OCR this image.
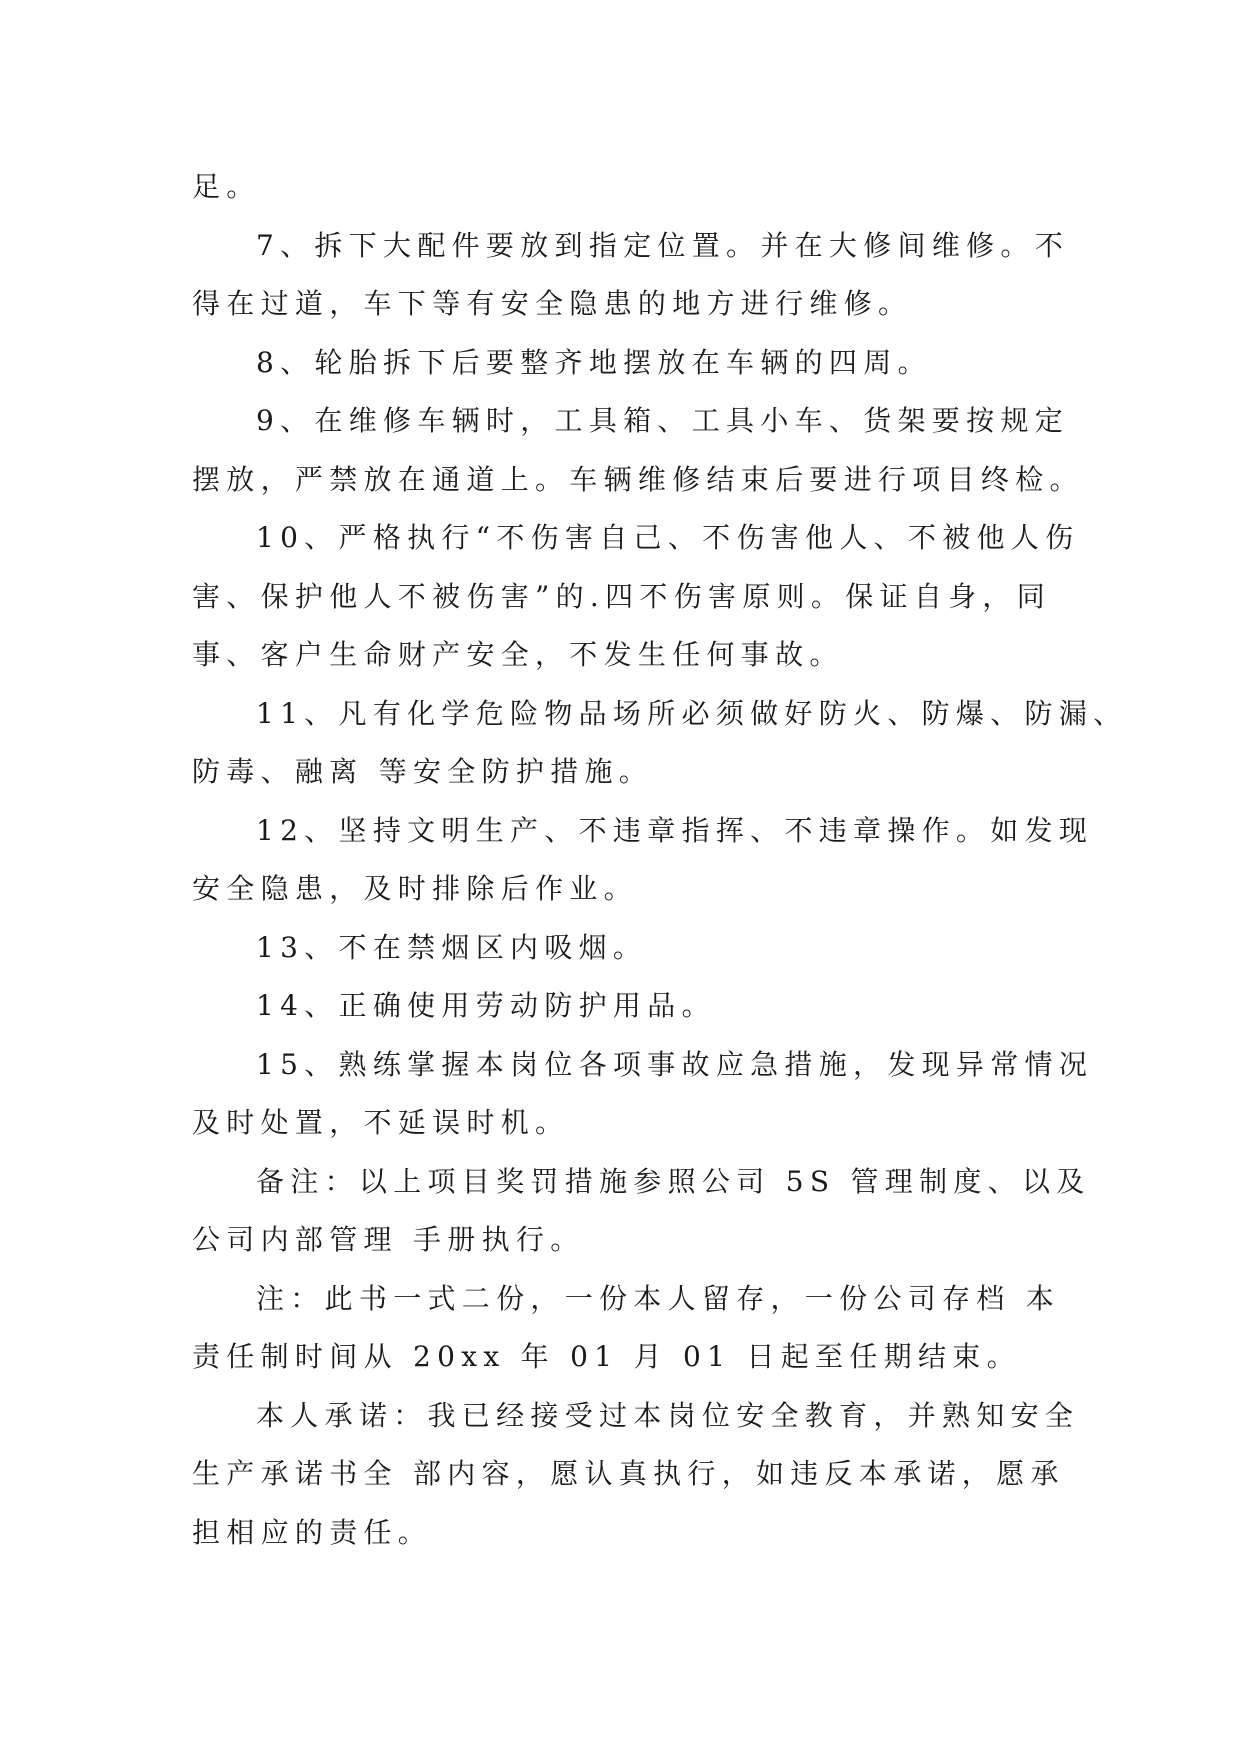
足。
7、拆下大配件要放到指定位置。并在大修间维修。不
得在过道，车下等有安全隐患的地方进行维修。
8、轮胎拆下后要整齐地摆放在车辆的四周。
9、在维修车辆时，工具箱、工具小车、货架要按规定
摆放，严禁放在通道上。车辆维修结束后要进行项目终检。
10、严格执行“不伤害自己、不伤害他人、不被他人伤
害、保护他人不被伤害”的.四不伤害原则。保证自身，同
事、客户生命财产安全，不发生任何事故。
11、凡有化学危险物品场所必须做好防火、防爆、防漏、
防毒、融离 等安全防护措施。
12、坚持文明生产、不违章指挥、不违章操作。如发现
安全隐患，及时排除后作业。
13、不在禁烟区内吸烟。
14、正确使用劳动防护用品。
15、熟练掌握本岗位各项事故应急措施，发现异常情况
及时处置，不延误时机。
备注：以上项目奖罚措施参照公司 5S 管理制度、以及
公司内部管理 手册执行。
注：此书一式二份，一份本人留存，一份公司存档 本
责任制时间从 20xx 年 01 月 01 日起至任期结束。
本人承诺：我已经接受过本岗位安全教育，并熟知安全
生产承诺书全 部内容，愿认真执行，如违反本承诺，愿承
担相应的责任。
